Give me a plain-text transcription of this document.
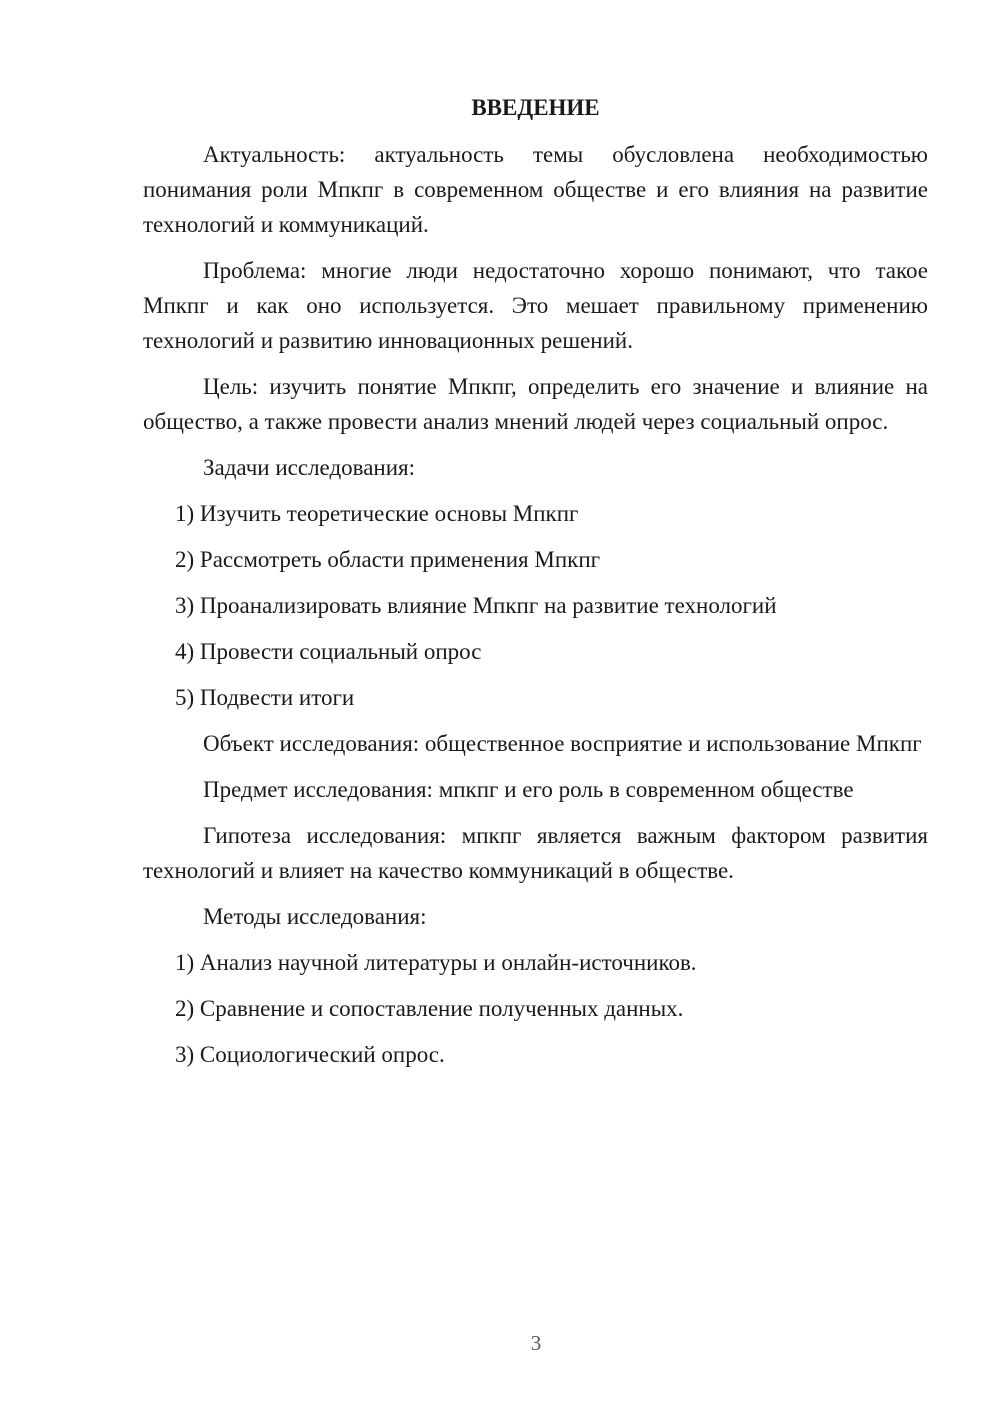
ВВЕДЕНИЕ

Актуальность: актуальность темы обусловлена необходимостью понимания роли Мпкпг в современном обществе и его влияния на развитие технологий и коммуникаций.

Проблема: многие люди недостаточно хорошо понимают, что такое Мпкпг и как оно используется. Это мешает правильному применению технологий и развитию инновационных решений.

Цель: изучить понятие Мпкпг, определить его значение и влияние на общество, а также провести анализ мнений людей через социальный опрос.

Задачи исследования:

1) Изучить теоретические основы Мпкпг

2) Рассмотреть области применения Мпкпг

3) Проанализировать влияние Мпкпг на развитие технологий

4) Провести социальный опрос

5) Подвести итоги

Объект исследования: общественное восприятие и использование Мпкпг

Предмет исследования: мпкпг и его роль в современном обществе

Гипотеза исследования: мпкпг является важным фактором развития технологий и влияет на качество коммуникаций в обществе.

Методы исследования:

1) Анализ научной литературы и онлайн-источников.

2) Сравнение и сопоставление полученных данных.

3) Социологический опрос.

3
